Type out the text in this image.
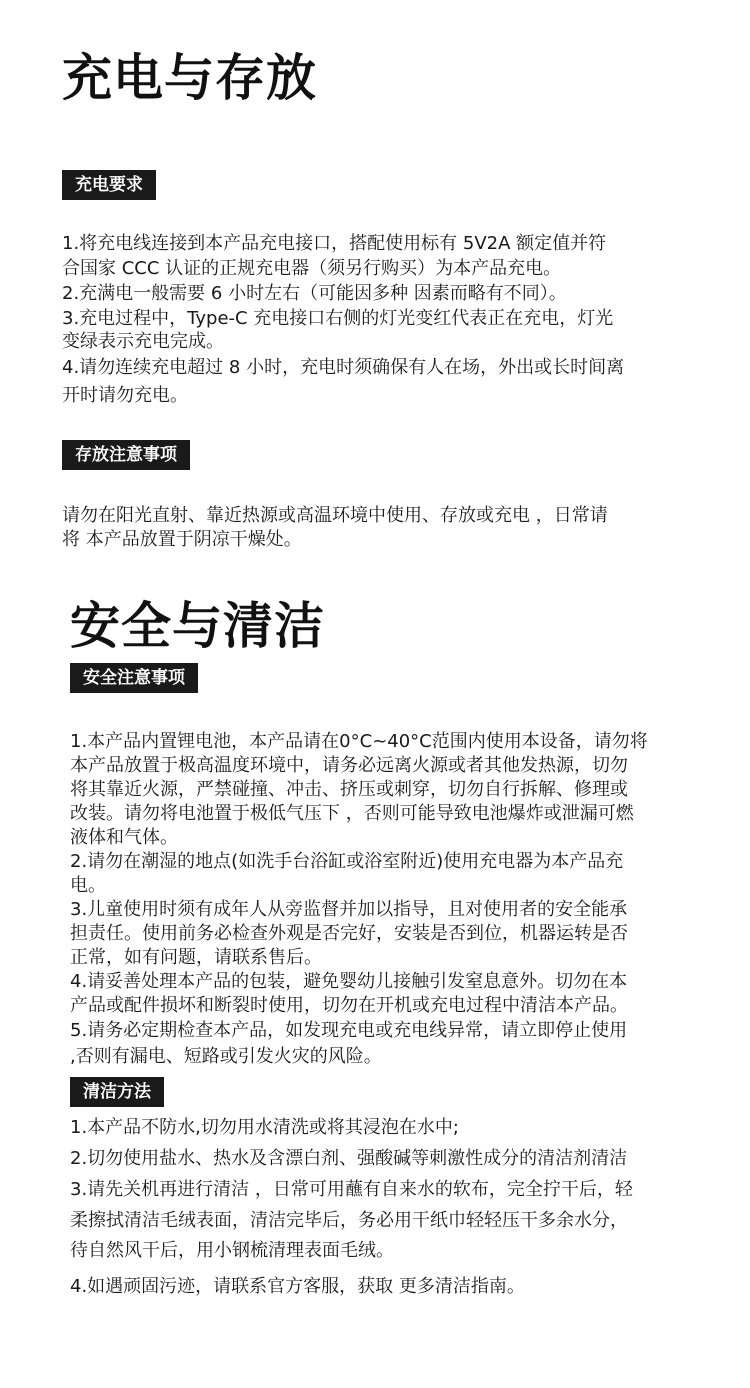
充电与存放
充电要求
1.将充电线连接到本产品充电接口，搭配使用标有 5V2A 额定值并符
合国家 CCC 认证的正规充电器（须另行购买）为本产品充电。
2.充满电一般需要 6 小时左右（可能因多种 因素而略有不同）。
3.充电过程中，Type-C 充电接口右侧的灯光变红代表正在充电，灯光
变绿表示充电完成。
4.请勿连续充电超过 8 小时，充电时须确保有人在场，外出或长时间离
开时请勿充电。
存放注意事项
请勿在阳光直射、靠近热源或高温环境中使用、存放或充电 ，日常请
将 本产品放置于阴凉干燥处。
安全与清洁
安全注意事项
1.本产品内置锂电池，本产品请在0°C~40°C范围内使用本设备，请勿将
本产品放置于极高温度环境中，请务必远离火源或者其他发热源，切勿
将其靠近火源，严禁碰撞、冲击、挤压或刺穿，切勿自行拆解、修理或
改装。请勿将电池置于极低气压下 ，否则可能导致电池爆炸或泄漏可燃
液体和气体。
2.请勿在潮湿的地点(如洗手台浴缸或浴室附近)使用充电器为本产品充
电。
3.儿童使用时须有成年人从旁监督并加以指导，且对使用者的安全能承
担责任。使用前务必检查外观是否完好，安装是否到位，机器运转是否
正常，如有问题，请联系售后。
4.请妥善处理本产品的包装，避免婴幼儿接触引发窒息意外。切勿在本
产品或配件损坏和断裂时使用，切勿在开机或充电过程中清洁本产品。
5.请务必定期检查本产品，如发现充电或充电线异常，请立即停止使用
,否则有漏电、短路或引发火灾的风险。
清洁方法
1.本产品不防水,切勿用水清洗或将其浸泡在水中;
2.切勿使用盐水、热水及含漂白剂、强酸碱等刺激性成分的清洁剂清洁
3.请先关机再进行清洁 ，日常可用蘸有自来水的软布，完全拧干后，轻
柔擦拭清洁毛绒表面，清洁完毕后，务必用干纸巾轻轻压干多余水分，
待自然风干后，用小钢梳清理表面毛绒。
4.如遇顽固污迹，请联系官方客服，获取 更多清洁指南。
